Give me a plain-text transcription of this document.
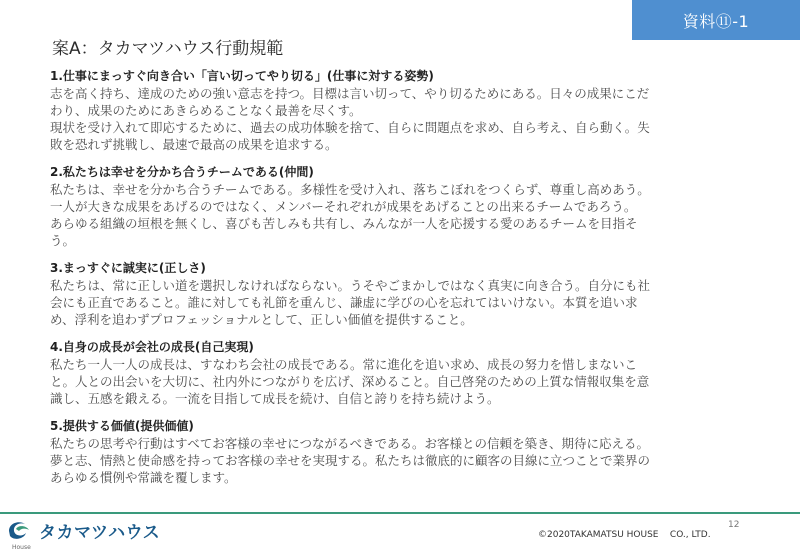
資料⑪-1
案A：タカマツハウス行動規範
1.仕事にまっすぐ向き合い「言い切ってやり切る」(仕事に対する姿勢)
志を高く持ち、達成のための強い意志を持つ。目標は言い切って、やり切るためにある。日々の成果にこだ
わり、成果のためにあきらめることなく最善を尽くす。
現状を受け入れて即応するために、過去の成功体験を捨て、自らに問題点を求め、自ら考え、自ら動く。失
敗を恐れず挑戦し、最速で最高の成果を追求する。
2.私たちは幸せを分かち合うチームである(仲間)
私たちは、幸せを分かち合うチームである。多様性を受け入れ、落ちこぼれをつくらず、尊重し高めあう。
一人が大きな成果をあげるのではなく、メンバーそれぞれが成果をあげることの出来るチームであろう。
あらゆる組織の垣根を無くし、喜びも苦しみも共有し、みんなが一人を応援する愛のあるチームを目指そ
う。
3.まっすぐに誠実に(正しさ)
私たちは、常に正しい道を選択しなければならない。うそやごまかしではなく真実に向き合う。自分にも社
会にも正直であること。誰に対しても礼節を重んじ、謙虚に学びの心を忘れてはいけない。本質を追い求
め、浮利を追わずプロフェッショナルとして、正しい価値を提供すること。
4.自身の成長が会社の成長(自己実現)
私たち一人一人の成長は、すなわち会社の成長である。常に進化を追い求め、成長の努力を惜しまないこ
と。人との出会いを大切に、社内外につながりを広げ、深めること。自己啓発のための上質な情報収集を意
識し、五感を鍛える。一流を目指して成長を続け、自信と誇りを持ち続けよう。
5.提供する価値(提供価値)
私たちの思考や行動はすべてお客様の幸せにつながるべきである。お客様との信頼を築き、期待に応える。
夢と志、情熱と使命感を持ってお客様の幸せを実現する。私たちは徹底的に顧客の目線に立つことで業界の
あらゆる慣例や常識を覆します。
タカマツハウス
House
12
©2020TAKAMATSU HOUSE    CO., LTD.
